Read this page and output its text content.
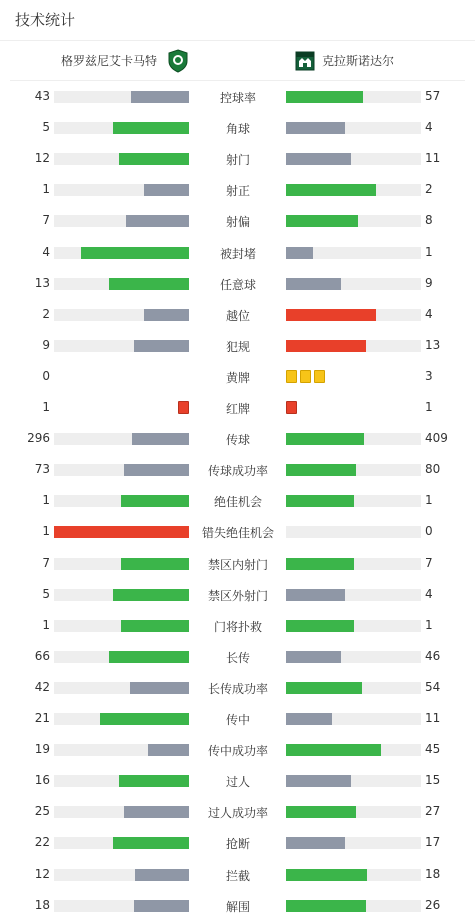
技术统计
格罗兹尼艾卡马特	克拉斯诺达尔
43	控球率	57
5	角球	4
12	射门	11
1	射正	2
7	射偏	8
4	被封堵	1
13	任意球	9
2	越位	4
9	犯规	13
0	黄牌	3
1	红牌	1
296	传球	409
73	传球成功率	80
1	绝佳机会	1
1	错失绝佳机会	0
7	禁区内射门	7
5	禁区外射门	4
1	门将扑救	1
66	长传	46
42	长传成功率	54
21	传中	11
19	传中成功率	45
16	过人	15
25	过人成功率	27
22	抢断	17
12	拦截	18
18	解围	26
